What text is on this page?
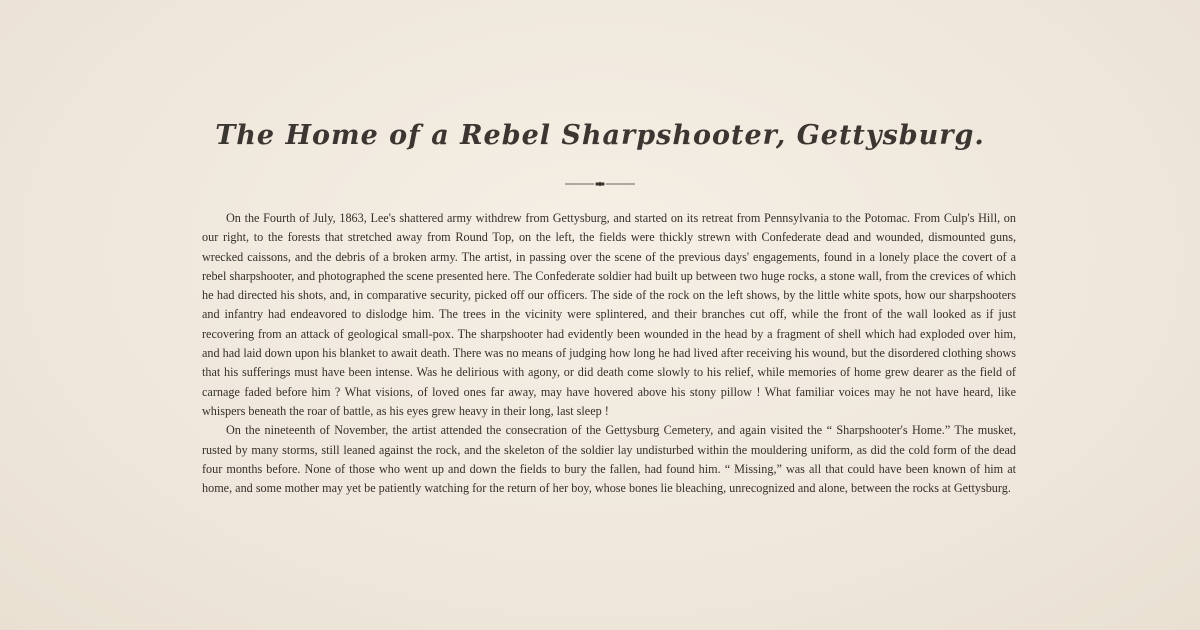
The Home of a Rebel Sharpshooter, Gettysburg.

On the Fourth of July, 1863, Lee's shattered army withdrew from Gettysburg, and started on its retreat from Pennsylvania to the Potomac. From Culp's Hill, on our right, to the forests that stretched away from Round Top, on the left, the fields were thickly strewn with Confederate dead and wounded, dismounted guns, wrecked caissons, and the debris of a broken army. The artist, in passing over the scene of the previous days' engagements, found in a lonely place the covert of a rebel sharpshooter, and photographed the scene presented here. The Confederate soldier had built up between two huge rocks, a stone wall, from the crevices of which he had directed his shots, and, in comparative security, picked off our officers. The side of the rock on the left shows, by the little white spots, how our sharpshooters and infantry had endeavored to dislodge him. The trees in the vicinity were splintered, and their branches cut off, while the front of the wall looked as if just recovering from an attack of geological small-pox. The sharpshooter had evidently been wounded in the head by a fragment of shell which had exploded over him, and had laid down upon his blanket to await death. There was no means of judging how long he had lived after receiving his wound, but the disordered clothing shows that his sufferings must have been intense. Was he delirious with agony, or did death come slowly to his relief, while memories of home grew dearer as the field of carnage faded before him ? What visions, of loved ones far away, may have hovered above his stony pillow ! What familiar voices may he not have heard, like whispers beneath the roar of battle, as his eyes grew heavy in their long, last sleep !

On the nineteenth of November, the artist attended the consecration of the Gettysburg Cemetery, and again visited the “ Sharpshooter's Home.” The musket, rusted by many storms, still leaned against the rock, and the skeleton of the soldier lay undisturbed within the mouldering uniform, as did the cold form of the dead four months before. None of those who went up and down the fields to bury the fallen, had found him. “ Missing,” was all that could have been known of him at home, and some mother may yet be patiently watching for the return of her boy, whose bones lie bleaching, unrecognized and alone, between the rocks at Gettysburg.
